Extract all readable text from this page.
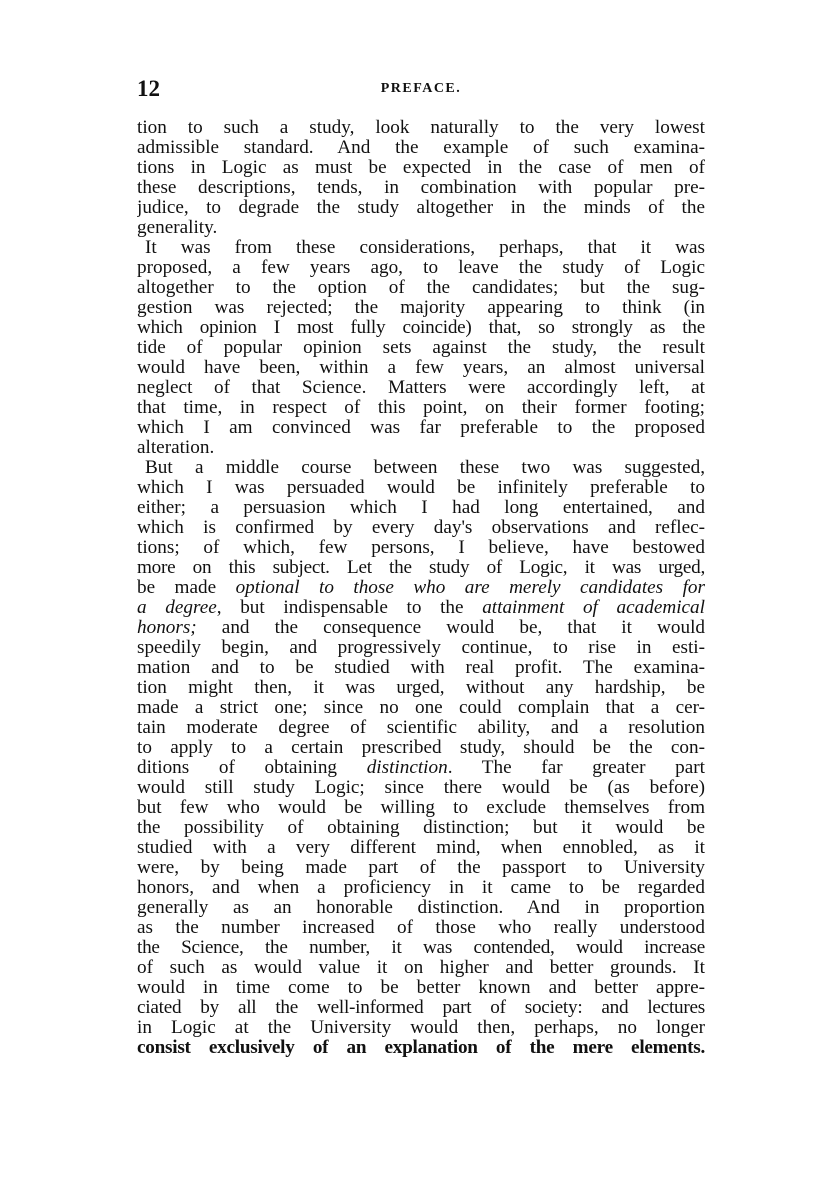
12	PREFACE.
tion to such a study, look naturally to the very lowest
admissible standard. And the example of such examina-
tions in Logic as must be expected in the case of men of
these descriptions, tends, in combination with popular pre-
judice, to degrade the study altogether in the minds of the
generality.
It was from these considerations, perhaps, that it was
proposed, a few years ago, to leave the study of Logic
altogether to the option of the candidates; but the sug-
gestion was rejected; the majority appearing to think (in
which opinion I most fully coincide) that, so strongly as the
tide of popular opinion sets against the study, the result
would have been, within a few years, an almost universal
neglect of that Science. Matters were accordingly left, at
that time, in respect of this point, on their former footing;
which I am convinced was far preferable to the proposed
alteration.
But a middle course between these two was suggested,
which I was persuaded would be infinitely preferable to
either; a persuasion which I had long entertained, and
which is confirmed by every day's observations and reflec-
tions; of which, few persons, I believe, have bestowed
more on this subject. Let the study of Logic, it was urged,
be made optional to those who are merely candidates for
a degree, but indispensable to the attainment of academical
honors; and the consequence would be, that it would
speedily begin, and progressively continue, to rise in esti-
mation and to be studied with real profit. The examina-
tion might then, it was urged, without any hardship, be
made a strict one; since no one could complain that a cer-
tain moderate degree of scientific ability, and a resolution
to apply to a certain prescribed study, should be the con-
ditions of obtaining distinction. The far greater part
would still study Logic; since there would be (as before)
but few who would be willing to exclude themselves from
the possibility of obtaining distinction; but it would be
studied with a very different mind, when ennobled, as it
were, by being made part of the passport to University
honors, and when a proficiency in it came to be regarded
generally as an honorable distinction. And in proportion
as the number increased of those who really understood
the Science, the number, it was contended, would increase
of such as would value it on higher and better grounds. It
would in time come to be better known and better appre-
ciated by all the well-informed part of society: and lectures
in Logic at the University would then, perhaps, no longer
consist exclusively of an explanation of the mere elements.
